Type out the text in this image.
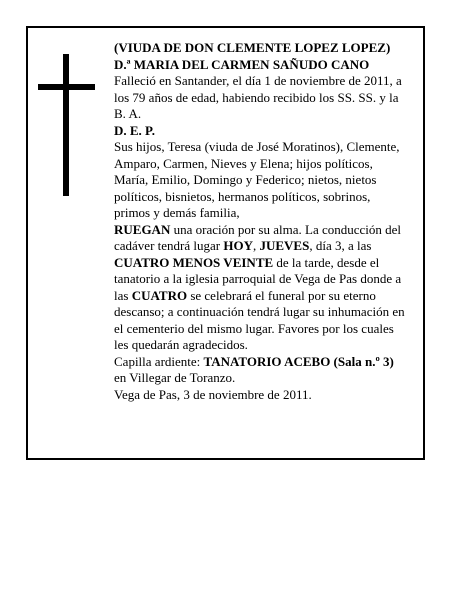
(VIUDA DE DON CLEMENTE LOPEZ LOPEZ)
D.ª MARIA DEL CARMEN SAÑUDO CANO
Falleció en Santander, el día 1 de noviembre de 2011, a
los 79 años de edad, habiendo recibido los SS. SS. y la
B. A.
D. E. P.
Sus hijos, Teresa (viuda de José Moratinos), Clemente,
Amparo, Carmen, Nieves y Elena; hijos políticos,
María, Emilio, Domingo y Federico; nietos, nietos
políticos, bisnietos, hermanos políticos, sobrinos,
primos y demás familia,
RUEGAN una oración por su alma. La conducción del
cadáver tendrá lugar HOY, JUEVES, día 3, a las
CUATRO MENOS VEINTE de la tarde, desde el
tanatorio a la iglesia parroquial de Vega de Pas donde a
las CUATRO se celebrará el funeral por su eterno
descanso; a continuación tendrá lugar su inhumación en
el cementerio del mismo lugar. Favores por los cuales
les quedarán agradecidos.
Capilla ardiente: TANATORIO ACEBO (Sala n.º 3)
en Villegar de Toranzo.
Vega de Pas, 3 de noviembre de 2011.
